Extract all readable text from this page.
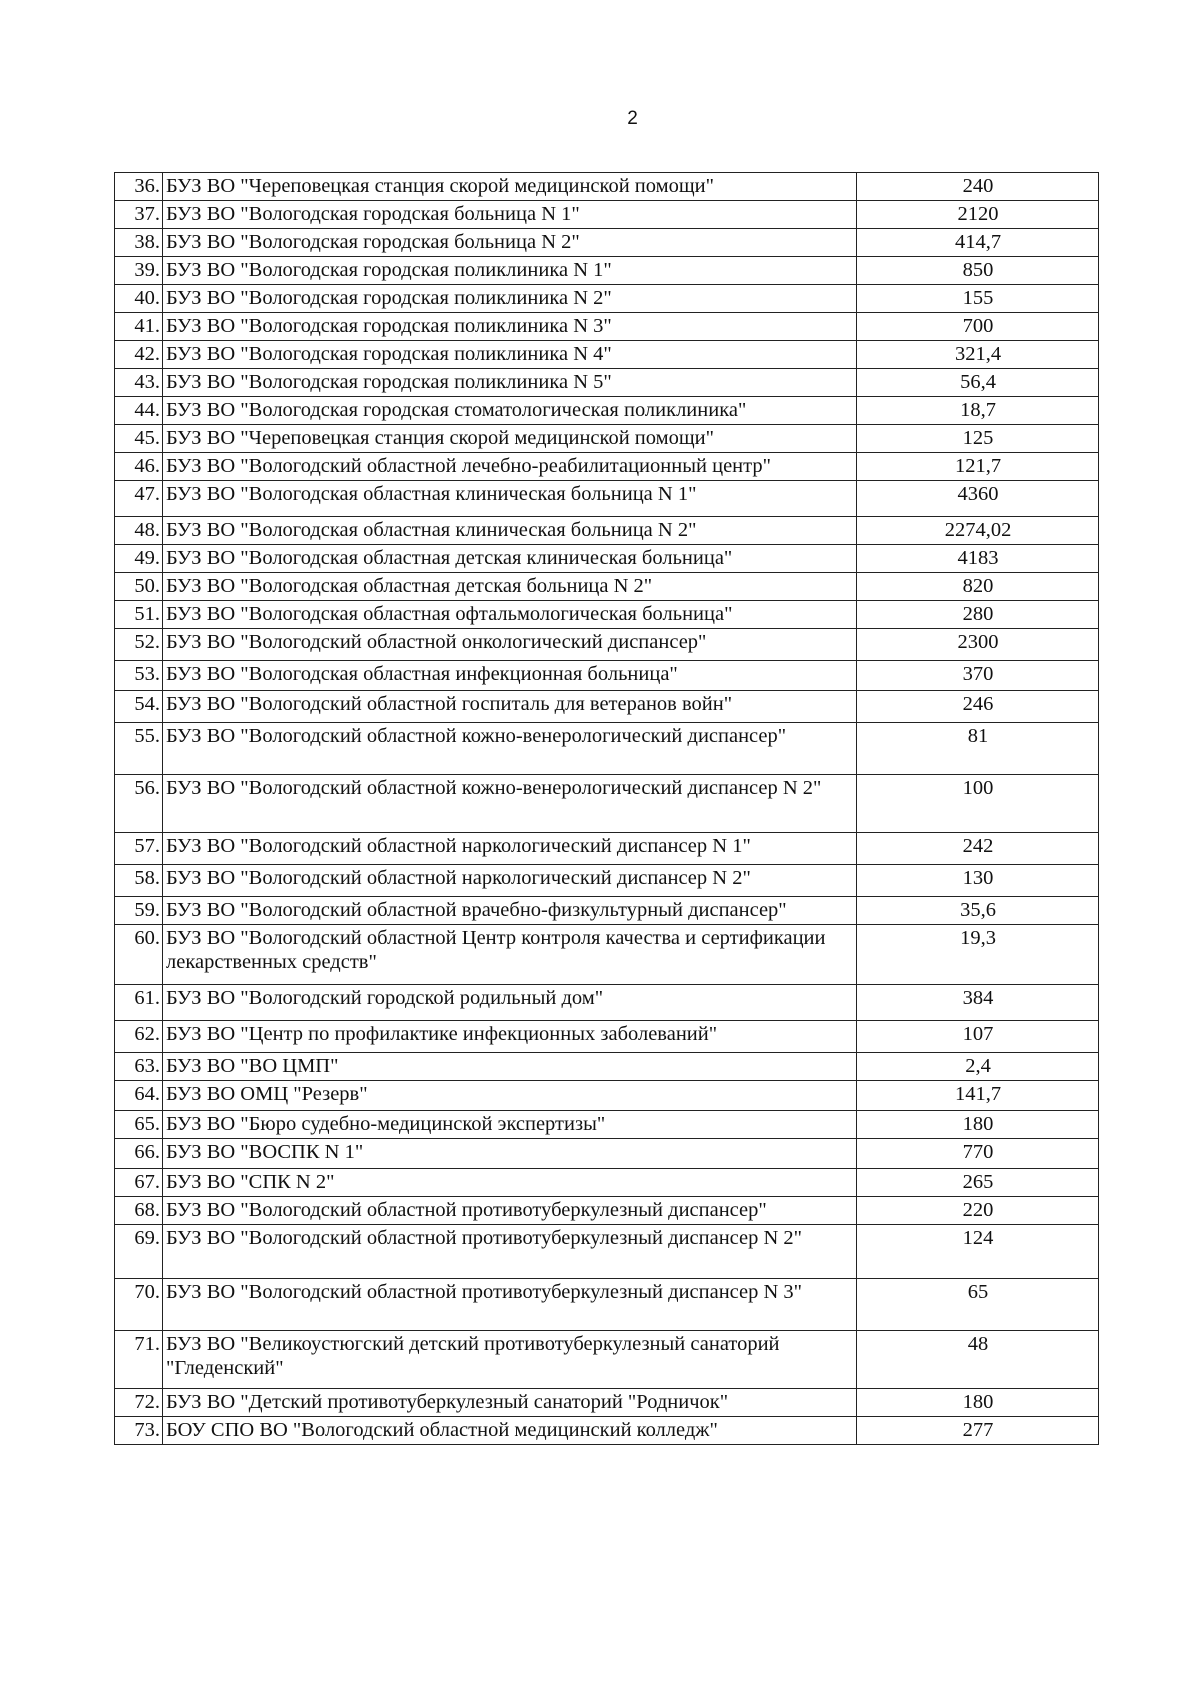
2
36.	БУЗ ВО "Череповецкая станция скорой медицинской помощи"	240
37.	БУЗ ВО "Вологодская городская больница N 1"	2120
38.	БУЗ ВО "Вологодская городская больница N 2"	414,7
39.	БУЗ ВО "Вологодская городская поликлиника N 1"	850
40.	БУЗ ВО "Вологодская городская поликлиника N 2"	155
41.	БУЗ ВО "Вологодская городская поликлиника N 3"	700
42.	БУЗ ВО "Вологодская городская поликлиника N 4"	321,4
43.	БУЗ ВО "Вологодская городская поликлиника N 5"	56,4
44.	БУЗ ВО "Вологодская городская стоматологическая поликлиника"	18,7
45.	БУЗ ВО "Череповецкая станция скорой медицинской помощи"	125
46.	БУЗ ВО "Вологодский областной лечебно-реабилитационный центр"	121,7
47.	БУЗ ВО "Вологодская областная клиническая больница N 1"	4360
48.	БУЗ ВО "Вологодская областная клиническая больница N 2"	2274,02
49.	БУЗ ВО "Вологодская областная детская клиническая больница"	4183
50.	БУЗ ВО "Вологодская областная детская больница N 2"	820
51.	БУЗ ВО "Вологодская областная офтальмологическая больница"	280
52.	БУЗ ВО "Вологодский областной онкологический диспансер"	2300
53.	БУЗ ВО "Вологодская областная инфекционная больница"	370
54.	БУЗ ВО "Вологодский областной госпиталь для ветеранов войн"	246
55.	БУЗ ВО "Вологодский областной кожно-венерологический диспансер"	81
56.	БУЗ ВО "Вологодский областной кожно-венерологический диспансер N 2"	100
57.	БУЗ ВО "Вологодский областной наркологический диспансер N 1"	242
58.	БУЗ ВО "Вологодский областной наркологический диспансер N 2"	130
59.	БУЗ ВО "Вологодский областной врачебно-физкультурный диспансер"	35,6
60.	БУЗ ВО "Вологодский областной Центр контроля качества и сертификации лекарственных средств"	19,3
61.	БУЗ ВО "Вологодский городской родильный дом"	384
62.	БУЗ ВО "Центр по профилактике инфекционных заболеваний"	107
63.	БУЗ ВО "ВО ЦМП"	2,4
64.	БУЗ ВО ОМЦ "Резерв"	141,7
65.	БУЗ ВО "Бюро судебно-медицинской экспертизы"	180
66.	БУЗ ВО "ВОСПК N 1"	770
67.	БУЗ ВО "СПК N 2"	265
68.	БУЗ ВО "Вологодский областной противотуберкулезный диспансер"	220
69.	БУЗ ВО "Вологодский областной противотуберкулезный диспансер N 2"	124
70.	БУЗ ВО "Вологодский областной противотуберкулезный диспансер N 3"	65
71.	БУЗ ВО "Великоустюгский детский противотуберкулезный санаторий "Гледенский"	48
72.	БУЗ ВО "Детский противотуберкулезный санаторий "Родничок"	180
73.	БОУ СПО ВО "Вологодский областной медицинский колледж"	277
